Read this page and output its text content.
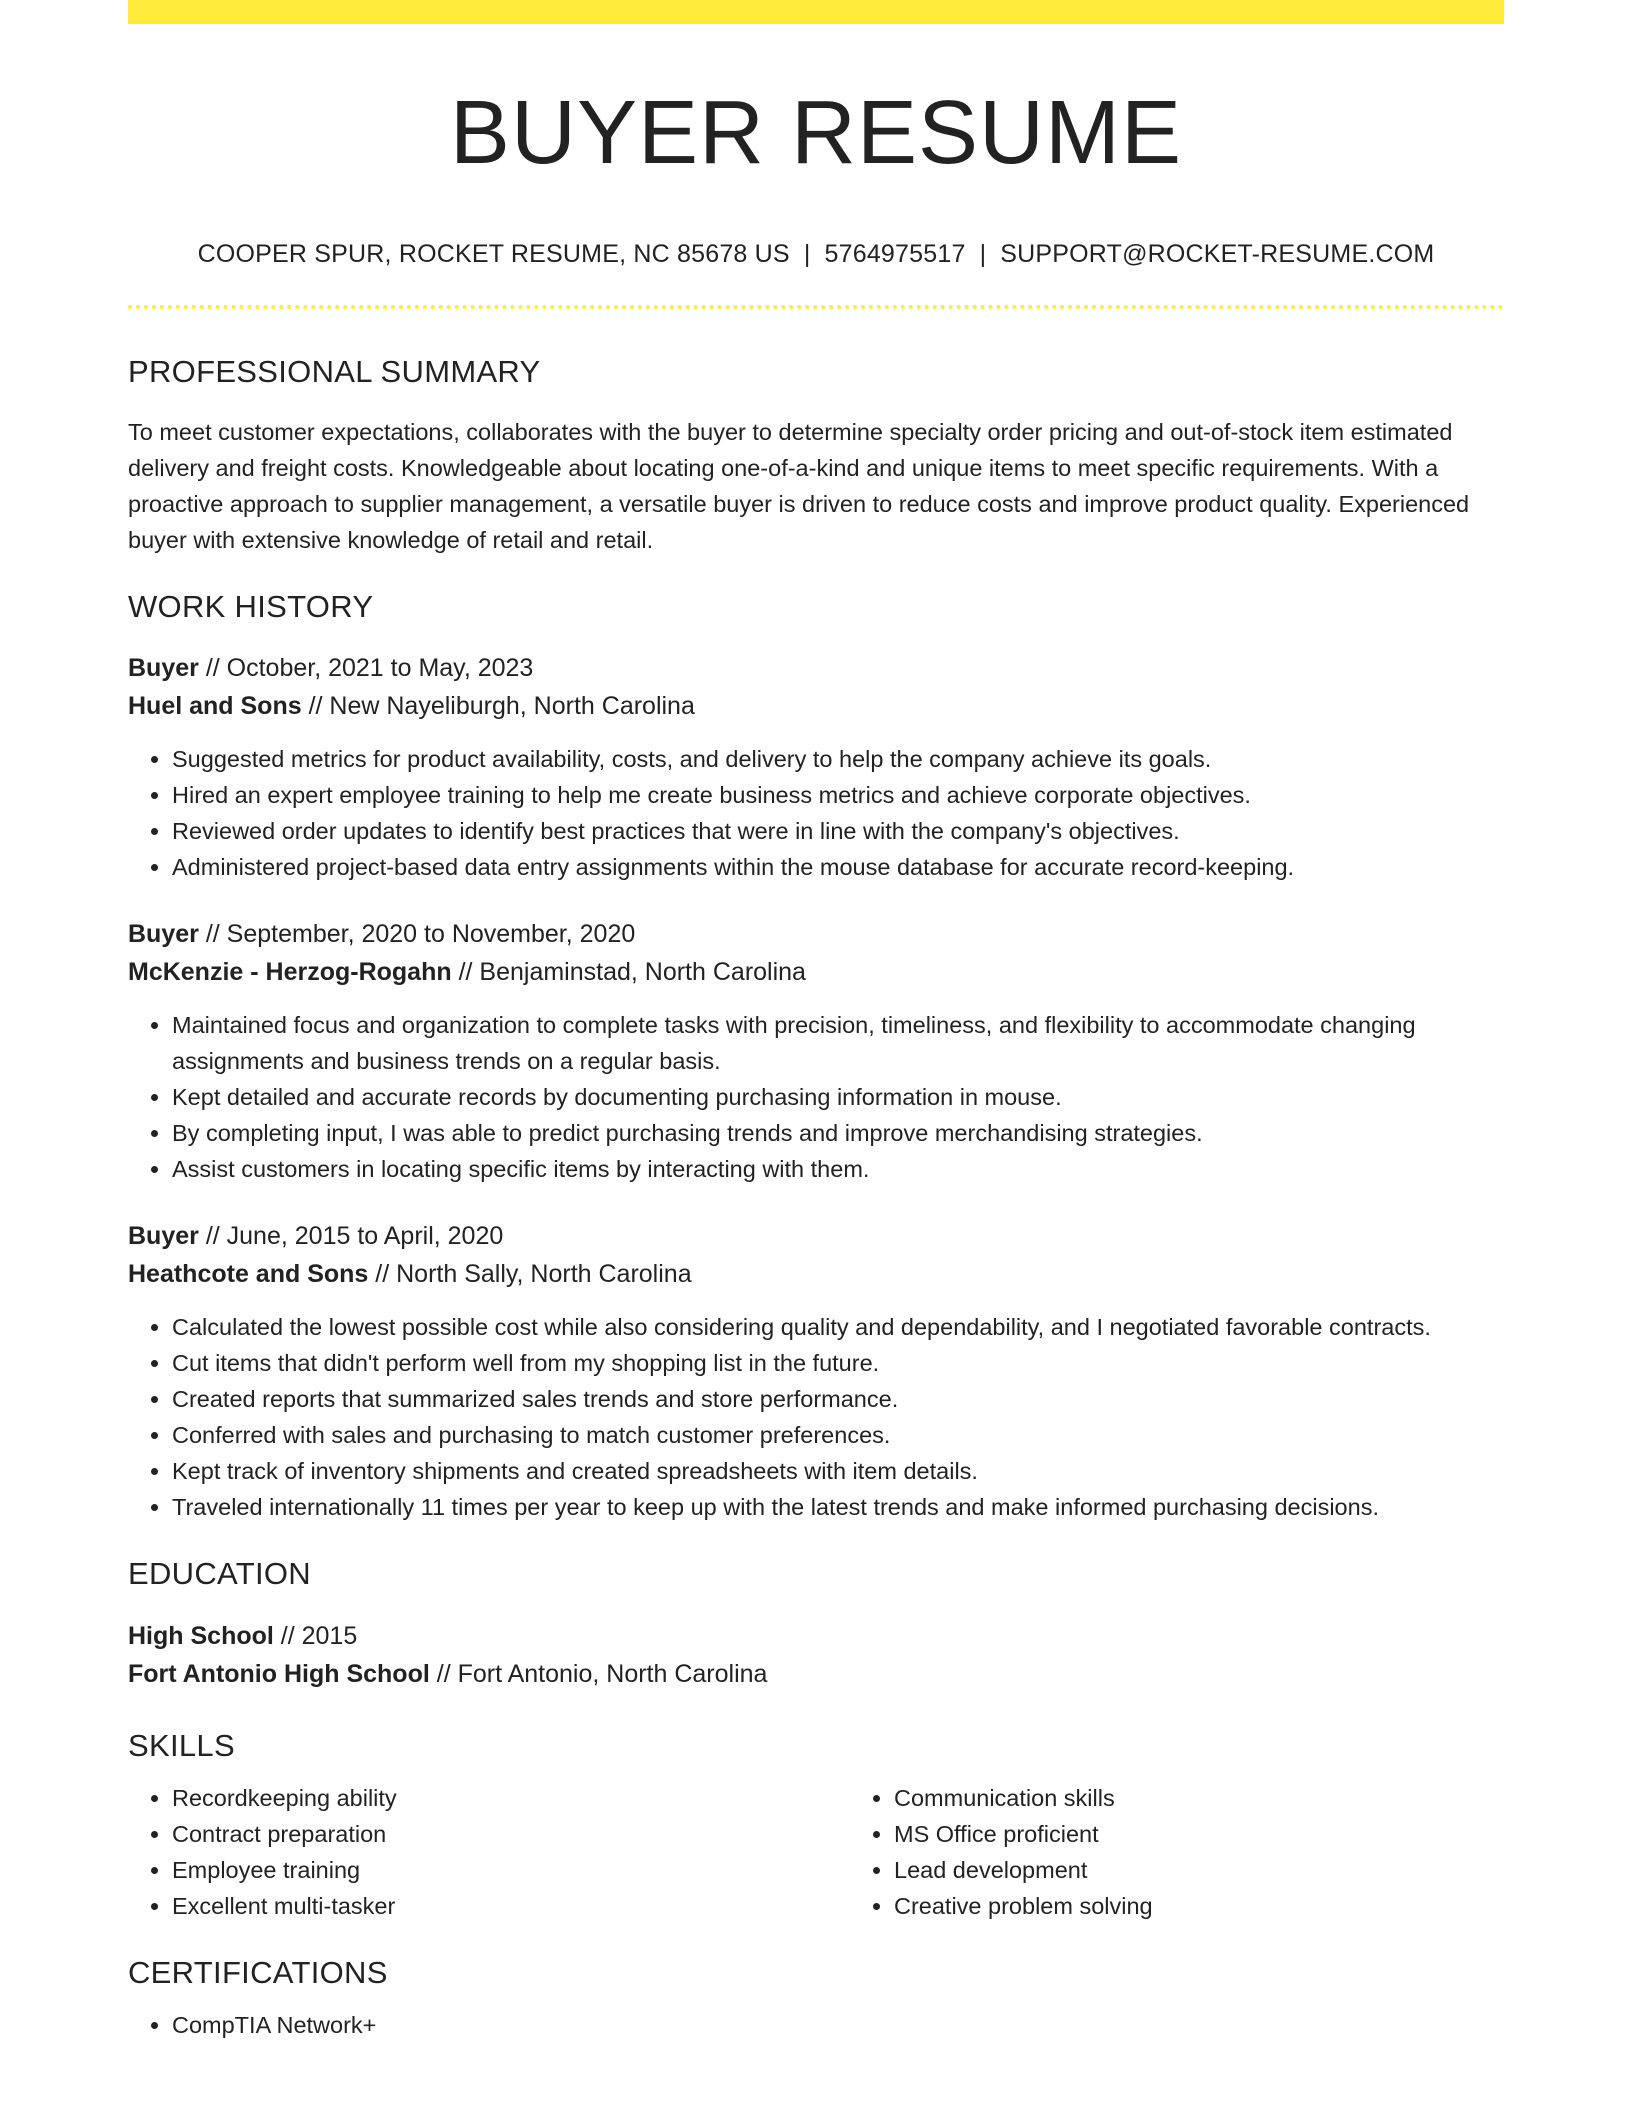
BUYER RESUME
COOPER SPUR, ROCKET RESUME, NC 85678 US | 5764975517 | SUPPORT@ROCKET-RESUME.COM
PROFESSIONAL SUMMARY

To meet customer expectations, collaborates with the buyer to determine specialty order pricing and out-of-stock item estimated delivery and freight costs. Knowledgeable about locating one-of-a-kind and unique items to meet specific requirements. With a proactive approach to supplier management, a versatile buyer is driven to reduce costs and improve product quality. Experienced buyer with extensive knowledge of retail and retail.

WORK HISTORY
Buyer // October, 2021 to May, 2023
Huel and Sons // New Nayeliburgh, North Carolina
• Suggested metrics for product availability, costs, and delivery to help the company achieve its goals.
• Hired an expert employee training to help me create business metrics and achieve corporate objectives.
• Reviewed order updates to identify best practices that were in line with the company's objectives.
• Administered project-based data entry assignments within the mouse database for accurate record-keeping.
Buyer // September, 2020 to November, 2020
McKenzie - Herzog-Rogahn // Benjaminstad, North Carolina
• Maintained focus and organization to complete tasks with precision, timeliness, and flexibility to accommodate changing assignments and business trends on a regular basis.
• Kept detailed and accurate records by documenting purchasing information in mouse.
• By completing input, I was able to predict purchasing trends and improve merchandising strategies.
• Assist customers in locating specific items by interacting with them.
Buyer // June, 2015 to April, 2020
Heathcote and Sons // North Sally, North Carolina
• Calculated the lowest possible cost while also considering quality and dependability, and I negotiated favorable contracts.
• Cut items that didn't perform well from my shopping list in the future.
• Created reports that summarized sales trends and store performance.
• Conferred with sales and purchasing to match customer preferences.
• Kept track of inventory shipments and created spreadsheets with item details.
• Traveled internationally 11 times per year to keep up with the latest trends and make informed purchasing decisions.
EDUCATION
High School // 2015
Fort Antonio High School // Fort Antonio, North Carolina
SKILLS
• Recordkeeping ability
• Contract preparation
• Employee training
• Excellent multi-tasker
• Communication skills
• MS Office proficient
• Lead development
• Creative problem solving
CERTIFICATIONS
• CompTIA Network+
